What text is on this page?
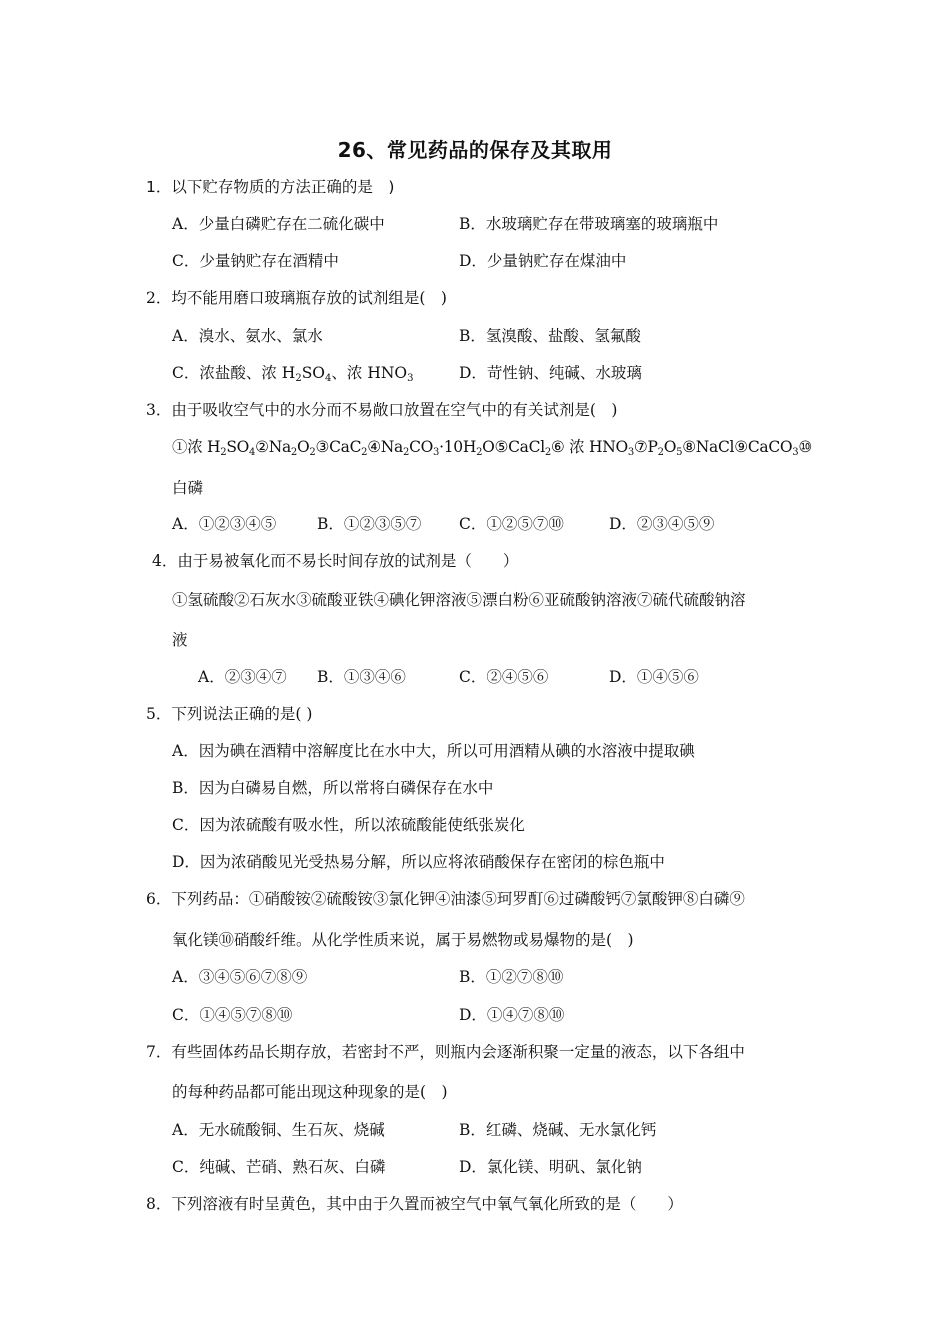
26、常见药品的保存及其取用
1．以下贮存物质的方法正确的是　)
A．少量白磷贮存在二硫化碳中	B．水玻璃贮存在带玻璃塞的玻璃瓶中
C．少量钠贮存在酒精中	D．少量钠贮存在煤油中
2．均不能用磨口玻璃瓶存放的试剂组是(　)
A．溴水、氨水、氯水	B．氢溴酸、盐酸、氢氟酸
C．浓盐酸、浓 $H_2SO_4$、浓 $HNO_3$	D．苛性钠、纯碱、水玻璃
3．由于吸收空气中的水分而不易敞口放置在空气中的有关试剂是(　)
①浓 $H_2SO_4②Na_2O_2③CaC_2④Na_2CO_3\cdot 10H_2O⑤CaCl_2⑥$ 浓 $HNO_3⑦P_2O_5⑧NaCl⑨CaCO_3⑩$
白磷
A．①②③④⑤	B．①②③⑤⑦ C．①②⑤⑦⑩	D．②③④⑤⑨
4．由于易被氧化而不易长时间存放的试剂是（　　）
①氢硫酸②石灰水③硫酸亚铁④碘化钾溶液⑤漂白粉⑥亚硫酸钠溶液⑦硫代硫酸钠溶
液
A．②③④⑦ B．①③④⑥	C．②④⑤⑥	D．①④⑤⑥
5．下列说法正确的是( )
A．因为碘在酒精中溶解度比在水中大，所以可用酒精从碘的水溶液中提取碘
B．因为白磷易自燃，所以常将白磷保存在水中
C．因为浓硫酸有吸水性，所以浓硫酸能使纸张炭化
D．因为浓硝酸见光受热易分解，所以应将浓硝酸保存在密闭的棕色瓶中
6．下列药品：①硝酸铵②硫酸铵③氯化钾④油漆⑤珂罗酊⑥过磷酸钙⑦氯酸钾⑧白磷⑨
氧化镁⑩硝酸纤维。从化学性质来说，属于易燃物或易爆物的是(　)
A．③④⑤⑥⑦⑧⑨	B．①②⑦⑧⑩
C．①④⑤⑦⑧⑩	D．①④⑦⑧⑩
7．有些固体药品长期存放，若密封不严，则瓶内会逐渐积聚一定量的液态，以下各组中
的每种药品都可能出现这种现象的是(　)
A．无水硫酸铜、生石灰、烧碱	B．红磷、烧碱、无水氯化钙
C．纯碱、芒硝、熟石灰、白磷	D．氯化镁、明矾、氯化钠
8．下列溶液有时呈黄色，其中由于久置而被空气中氧气氧化所致的是（　　）
